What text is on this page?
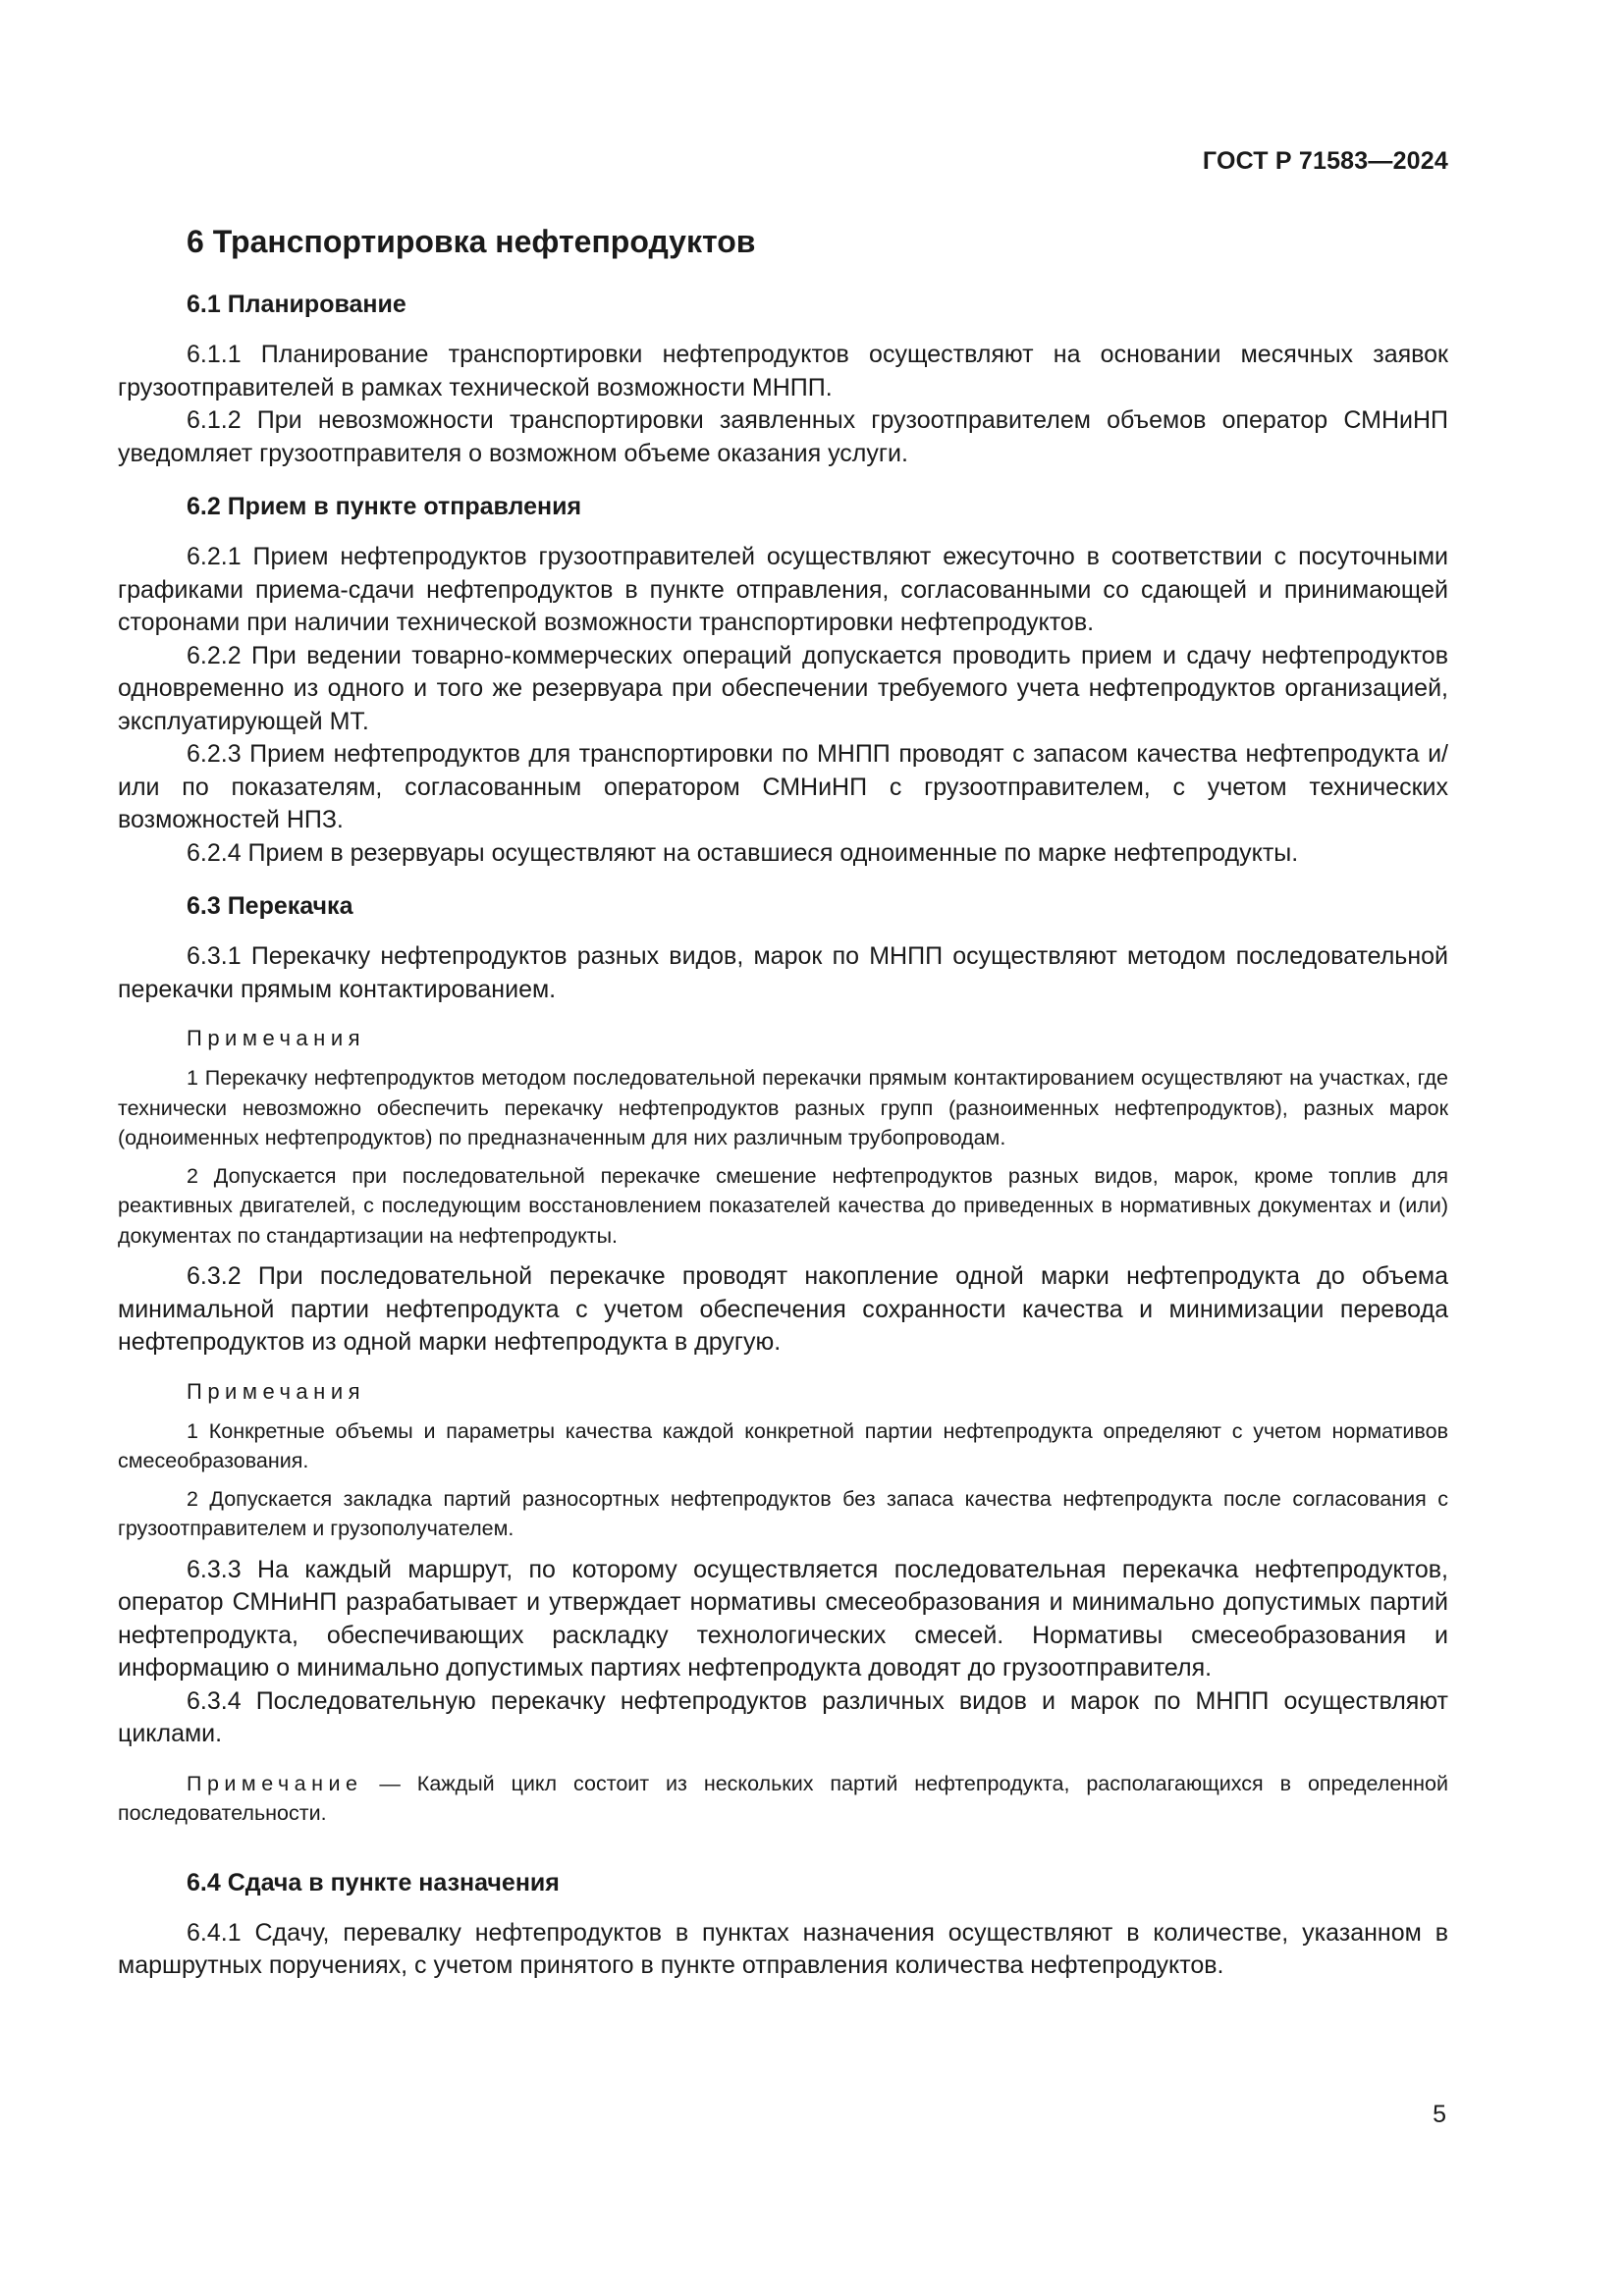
ГОСТ Р 71583—2024
6 Транспортировка нефтепродуктов
6.1 Планирование

6.1.1 Планирование транспортировки нефтепродуктов осуществляют на основании месячных заявок грузоотправителей в рамках технической возможности МНПП.

6.1.2 При невозможности транспортировки заявленных грузоотправителем объемов оператор СМНиНП уведомляет грузоотправителя о возможном объеме оказания услуги.

6.2 Прием в пункте отправления

6.2.1 Прием нефтепродуктов грузоотправителей осуществляют ежесуточно в соответствии с посуточными графиками приема-сдачи нефтепродуктов в пункте отправления, согласованными со сдающей и принимающей сторонами при наличии технической возможности транспортировки нефтепродуктов.

6.2.2 При ведении товарно-коммерческих операций допускается проводить прием и сдачу нефтепродуктов одновременно из одного и того же резервуара при обеспечении требуемого учета нефтепродуктов организацией, эксплуатирующей МТ.

6.2.3 Прием нефтепродуктов для транспортировки по МНПП проводят с запасом качества нефтепродукта и/или по показателям, согласованным оператором СМНиНП с грузоотправителем, с учетом технических возможностей НПЗ.

6.2.4 Прием в резервуары осуществляют на оставшиеся одноименные по марке нефтепродукты.

6.3 Перекачка

6.3.1 Перекачку нефтепродуктов разных видов, марок по МНПП осуществляют методом последовательной перекачки прямым контактированием.

Примечания

1 Перекачку нефтепродуктов методом последовательной перекачки прямым контактированием осуществляют на участках, где технически невозможно обеспечить перекачку нефтепродуктов разных групп (разноименных нефтепродуктов), разных марок (одноименных нефтепродуктов) по предназначенным для них различным трубопроводам.

2 Допускается при последовательной перекачке смешение нефтепродуктов разных видов, марок, кроме топлив для реактивных двигателей, с последующим восстановлением показателей качества до приведенных в нормативных документах и (или) документах по стандартизации на нефтепродукты.

6.3.2 При последовательной перекачке проводят накопление одной марки нефтепродукта до объема минимальной партии нефтепродукта с учетом обеспечения сохранности качества и минимизации перевода нефтепродуктов из одной марки нефтепродукта в другую.

Примечания

1 Конкретные объемы и параметры качества каждой конкретной партии нефтепродукта определяют с учетом нормативов смесеобразования.

2 Допускается закладка партий разносортных нефтепродуктов без запаса качества нефтепродукта после согласования с грузоотправителем и грузополучателем.

6.3.3 На каждый маршрут, по которому осуществляется последовательная перекачка нефтепродуктов, оператор СМНиНП разрабатывает и утверждает нормативы смесеобразования и минимально допустимых партий нефтепродукта, обеспечивающих раскладку технологических смесей. Нормативы смесеобразования и информацию о минимально допустимых партиях нефтепродукта доводят до грузоотправителя.

6.3.4 Последовательную перекачку нефтепродуктов различных видов и марок по МНПП осуществляют циклами.

Примечание — Каждый цикл состоит из нескольких партий нефтепродукта, располагающихся в определенной последовательности.

6.4 Сдача в пункте назначения

6.4.1 Сдачу, перевалку нефтепродуктов в пунктах назначения осуществляют в количестве, указанном в маршрутных поручениях, с учетом принятого в пункте отправления количества нефтепродуктов.

5
